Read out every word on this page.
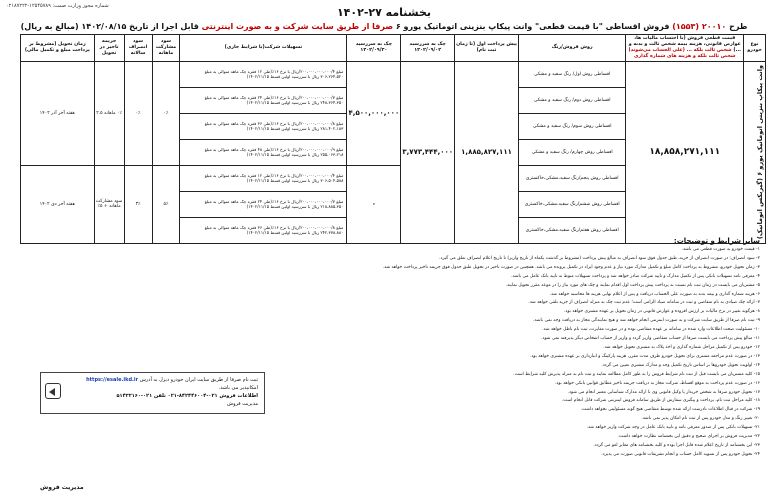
شماره مجوز وزارت صمت: ۱۲۵۴۵۷۸۹-۰۲۱۸۷۲۲۲	بخشنامه ۲۷-۱۴۰۲
طرح ۲۰۰۱۰ (۱۵۵۳) فروش اقساطی "با قیمت قطعی" وانت پیکاپ بنزینی اتوماتیک یورو ۶ صرفا از طریق سایت شرکت و به صورت اینترنتی قابل اجرا از تاریخ ۱۴۰۲/۰۸/۱۵ (مبالغ به ریال)
نوع خودرو	قیمت قطعی فروش (با احتساب مالیات ها، عوارض قانونی، هزینه بیمه شخص ثالث و بدنه و ...) شخص ثالث بلکه ... (علی الحساب می‌شوند)
شخص ثالث بلکه و هزینه های شماره گذاری	روش فروش/رنگ	پیش پرداخت اول (تا زمان ثبت نام)	چک به سررسید ۱۴۰۲/۰۹/۰۲	چک به سررسید ۱۴۰۲/۰۹/۳۰	تسهیلات شرکت(با شرایط جاری)	سود مشارکت ماهانه	سود انصراف سالانه	جریمه تاخیر در تحویل	زمان تحویل (مشروط بر پرداخت مبلغ و تکمیل مالی)

وانت پیکاپ بنزینی اتوماتیک یورو ۶ (گیربکس اتوماتیک)	۱۸,۸۵۸,۲۷۱,۱۱۱	اقساطی روش اول/ رنگ سفید و مشکی	۱,۸۸۵,۸۲۷,۱۱۱	۳,۷۷۳,۴۴۴,۰۰۰	۴,۵۰۰,۰۰۰,۰۰۰	مبلغ ۲۰۰،۰۰۰،۰۰۰،۰۰۰/۴/ریال با نرخ ۱۶٪(طی ۱۲ فقره چک ماهه متوالی به مبلغ ۳۰۶،۲۶۴،۵۲۰ ریال با سررسید اولین قسط ۱۴۰۲/۱۱/۱۵)	۰٪	۰٪	۰٪ ماهانه ۲.۵	هفته آخر آذر ۱۴۰۲
		اقساطی روش دوم/ رنگ سفید و مشکی				مبلغ ۲۰۰،۰۰۰،۰۰۰،۰۰۰/۷/ریال با نرخ ۱۶٪(طی ۲۴ فقره چک ماهه متوالی به مبلغ ۲۴۸،۳۶۴،۳۵۰ ریال با سررسید اولین قسط ۱۴۰۲/۱۱/۱۵)				
		اقساطی روش سوم/ رنگ سفید و مشکی				مبلغ ۲۰۰،۰۰۰،۰۰۰،۰۰۰/۸/ریال با نرخ ۱۶٪(طی ۳۶ فقره چک ماهه متوالی به مبلغ ۲۸۱،۴۰۲،۱۸۳ ریال با سررسید اولین قسط ۱۴۰۲/۱۱/۱۵)				
		اقساطی روش چهارم/ رنگ سفید و مشکی				مبلغ ۲۰۰،۰۰۰،۰۰۰،۰۰۰/۹/ریال با نرخ ۱۶٪(طی ۴۸ فقره چک ماهه متوالی به مبلغ ۲۵۵،۰۶۳،۲۱۸ ریال با سررسید اولین قسط ۱۴۰۲/۱۱/۱۵)				
		اقساطی روش پنجم/رنگ سفید،مشکی،خاکستری			۰	مبلغ ۲۰۰،۰۰۰،۰۰۰،۰۰۰/۴/ریال با نرخ ۱۶٪(طی ۱۲ فقره چک ماهه متوالی به مبلغ ۳۰۶،۵۰۴،۵۸۸ ریال با سررسید اولین قسط ۱۴۰۲/۱۱/۱۵)	۵٪	۳٪	سود مشارکت ماهانه + ۵٪	هفته آخر دی ۱۴۰۲
		اقساطی روش ششم/رنگ سفید،مشکی،خاکستری				مبلغ ۲۰۰،۰۰۰،۰۰۰،۰۰۰/۷/ریال با نرخ ۱۶٪(طی ۲۴ فقره چک ماهه متوالی به مبلغ ۲۱۸،۸۸۵،۳۵۰ ریال با سررسید اولین قسط ۱۴۰۲/۱۱/۱۵)				
		اقساطی روش هفتم/رنگ سفید،مشکی،خاکستری				مبلغ ۲۰۰،۰۰۰،۰۰۰،۰۰۰/۸/ریال با نرخ ۱۶٪(طی ۳۶ فقره چک ماهه متوالی به مبلغ ۲۴۲،۳۷۸،۸۸۰ ریال با سررسید اولین قسط ۱۴۰۲/۱۱/۱۵)				
سایر شرایط و توضیحات:
۱- قیمت خودرو به صورت قطعی می باشد.
۲- سود انصراف: در صورت انصراف از خرید، طبق جدول فوق سود انصراف به مبالغ پیش پرداخت (مشروط بر گذشت یکماه از تاریخ واریز) تا تاریخ اعلام انصراف تعلق می گیرد.
۳- زمان تحویل خودرو، مشروط به پرداخت کامل مبلغ و تکمیل مدارک مورد نیاز و عدم وجود ایراد در تکمیل پرونده می باشد. همچنین در صورت تاخیر در تحویل طبق جدول فوق جریمه تاخیر پرداخت خواهد شد.
۴- معرفی نامه تسهیلات بانکی پس از تکمیل مدارک و تایید شرکت صادر خواهد شد و پرداخت تسهیلات منوط به تایید بانک عامل می باشد.
۵- مشتریان می بایست در زمان ثبت نام نسبت به پرداخت پیش پرداخت اول اقدام نمایند و چک های مورد نیاز را در موعد مقرر تحویل نمایند.
۶- هزینه شماره گذاری و بیمه بدنه به صورت علی الحساب دریافت و پس از اعلام نهایی هزینه ها محاسبه خواهد شد.
۷- ارائه چک صیادی به نام متقاضی و ثبت در سامانه صیاد الزامی است؛ عدم ثبت چک به منزله انصراف از خرید تلقی خواهد شد.
۸- هرگونه تغییر در نرخ مالیات بر ارزش افزوده و عوارض قانونی در زمان تحویل بر عهده مشتری خواهد بود.
۹- ثبت نام صرفا از طریق سایت شرکت و به صورت اینترنتی انجام خواهد شد و هیچ نمایندگی مجاز به دریافت وجه نمی باشد.
۱۰- مسئولیت صحت اطلاعات وارد شده در سامانه بر عهده متقاضی بوده و در صورت مغایرت، ثبت نام باطل خواهد شد.
۱۱- مبالغ پیش پرداخت می بایست صرفا از حساب متقاضی واریز گردد و واریز از حساب اشخاص دیگر پذیرفته نمی شود.
۱۲- خودرو پس از تکمیل مراحل شماره گذاری و اخذ پلاک به مشتری تحویل خواهد شد.
۱۳- در صورت عدم مراجعه مشتری برای تحویل خودرو ظرف مدت مقرر، هزینه پارکینگ و انبارداری بر عهده مشتری خواهد بود.
۱۴- اولویت تحویل خودروها بر اساس تاریخ تکمیل وجه و مدارک مشتری تعیین می گردد.
۱۵- کلیه مشتریان می بایست قبل از ثبت نام شرایط فروش را به طور کامل مطالعه نمایند و ثبت نام به منزله پذیرش کلیه شرایط است.
۱۶- در صورت عدم پرداخت به موقع اقساط، شرکت مجاز به دریافت جریمه تاخیر مطابق قوانین بانکی خواهد بود.
۱۷- تحویل خودرو صرفا به شخص خریدار یا وکیل قانونی وی با ارائه مدارک شناسایی معتبر انجام می شود.
۱۸- کلیه مراحل ثبت نام، پرداخت و پیگیری سفارش از طریق سامانه فروش اینترنتی شرکت قابل انجام است.
۱۹- شرکت در قبال اطلاعات نادرست ارائه شده توسط متقاضی هیچ گونه مسئولیتی نخواهد داشت.
۲۰- تغییر رنگ و مدل خودرو پس از ثبت نام امکان پذیر نمی باشد.
۲۱- تسهیلات بانکی پس از صدور معرفی نامه و تایید بانک عامل در وجه شرکت واریز خواهد شد.
۲۲- مدیریت فروش بر اجرای صحیح و دقیق این بخشنامه نظارت خواهد داشت.
۲۳- این بخشنامه از تاریخ اعلام شده قابل اجرا بوده و کلیه بخشنامه های مغایر لغو می گردد.
۲۴- تحویل خودرو پس از تسویه کامل حساب و انجام تشریفات قانونی صورت می پذیرد.
ثبت نام صرفا از طریق سایت ایران خودرو دیزل به آدرس https://esale.ikd.ir امکانپذیر می باشد.
اطلاعات فروش ۰۲۱-۸۴۲۴۴۶۰۰۴-۰۲۱ تلفن ۰۲۱-۵۱۴۳۲۱۶۰
مدیریت فروش
مدیریت فروش
